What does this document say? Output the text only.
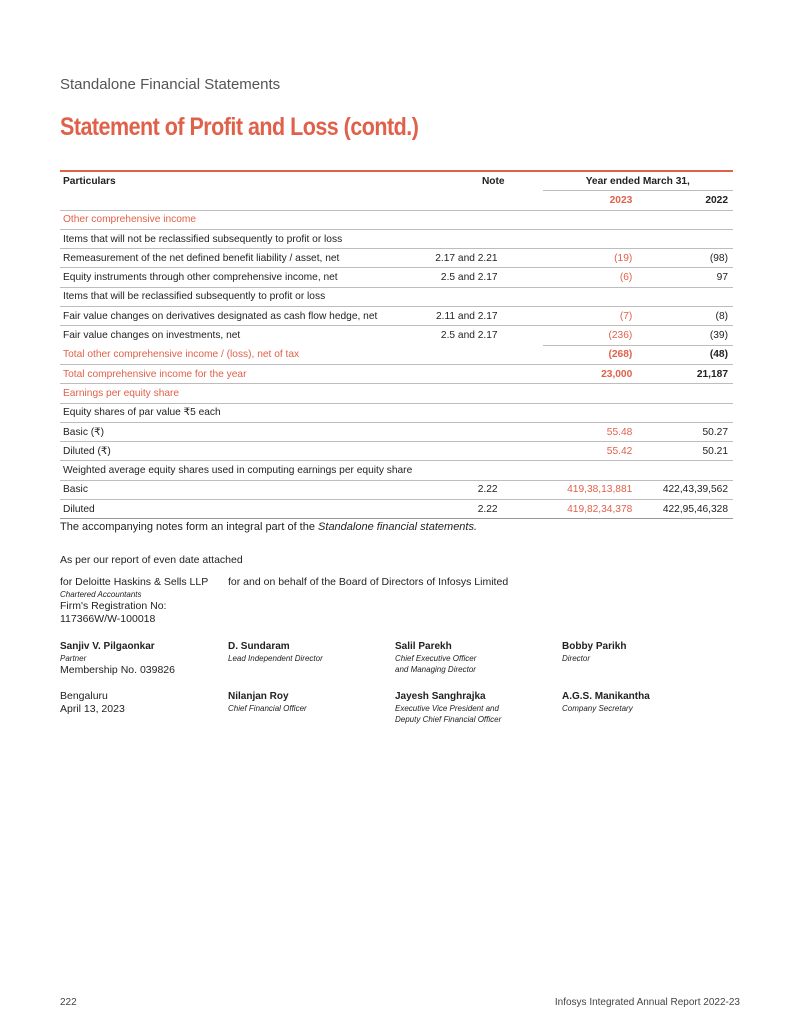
Standalone Financial Statements
Statement of Profit and Loss (contd.)
Particulars	Note	Year ended March 31,	
		2023	2022
Other comprehensive income			
Items that will not be reclassified subsequently to profit or loss			
Remeasurement of the net defined benefit liability / asset, net	2.17 and 2.21	(19)	(98)
Equity instruments through other comprehensive income, net	2.5 and 2.17	(6)	97
Items that will be reclassified subsequently to profit or loss			
Fair value changes on derivatives designated as cash flow hedge, net	2.11 and 2.17	(7)	(8)
Fair value changes on investments, net	2.5 and 2.17	(236)	(39)
Total other comprehensive income / (loss), net of tax		(268)	(48)
Total comprehensive income for the year		23,000	21,187
Earnings per equity share			
Equity shares of par value ₹5 each			
Basic (₹)		55.48	50.27
Diluted (₹)		55.42	50.21
Weighted average equity shares used in computing earnings per equity share			
Basic	2.22	419,38,13,881	422,43,39,562
Diluted	2.22	419,82,34,378	422,95,46,328
The accompanying notes form an integral part of the Standalone financial statements.
As per our report of even date attached
for Deloitte Haskins & Sells LLP
Chartered Accountants
Firm's Registration No:
117366W/W-100018
for and on behalf of the Board of Directors of Infosys Limited
Sanjiv V. Pilgaonkar
Partner
Membership No. 039826
D. Sundaram
Lead Independent Director
Salil Parekh
Chief Executive Officer
and Managing Director
Bobby Parikh
Director
Bengaluru
April 13, 2023
Nilanjan Roy
Chief Financial Officer
Jayesh Sanghrajka
Executive Vice President and
Deputy Chief Financial Officer
A.G.S. Manikantha
Company Secretary
222	Infosys Integrated Annual Report 2022-23
